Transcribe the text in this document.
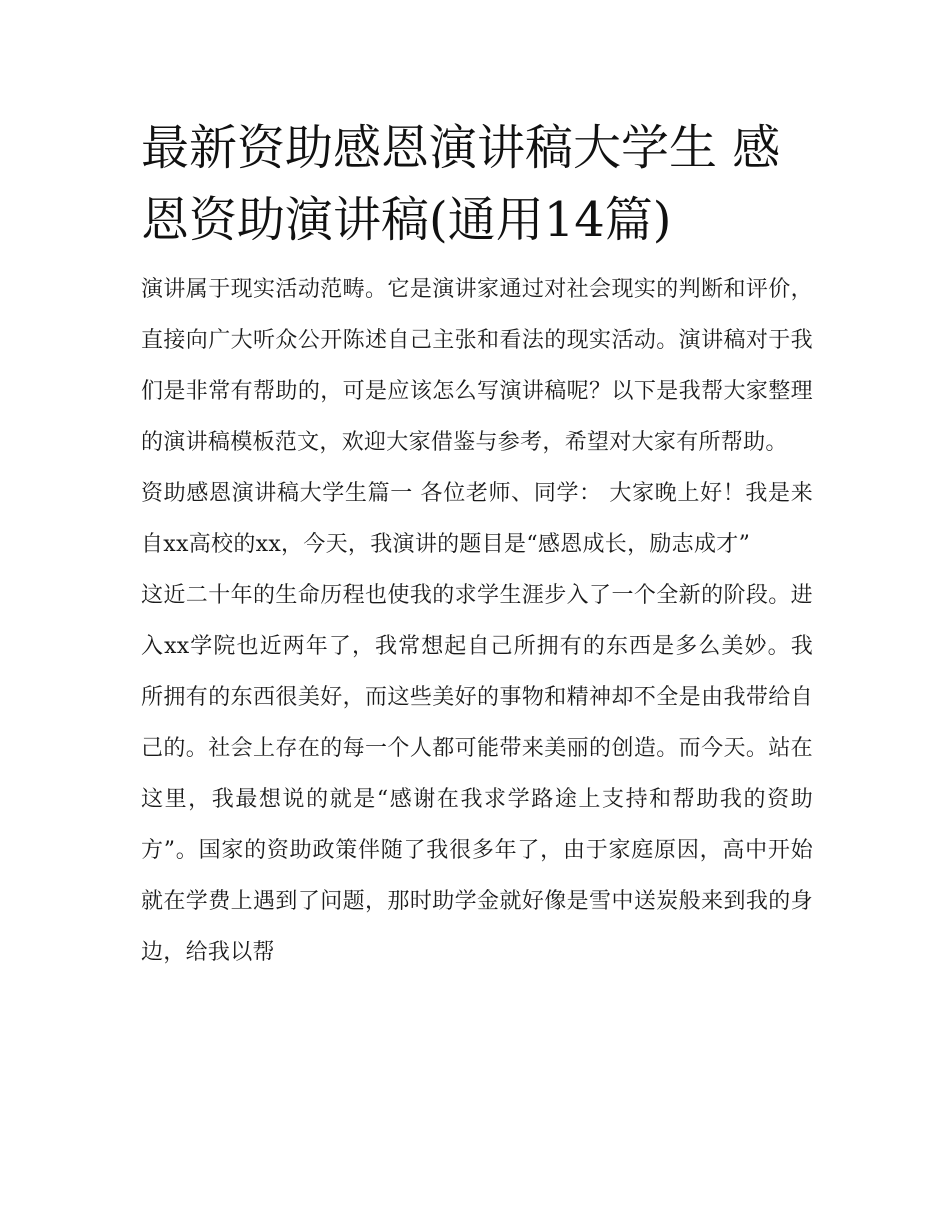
最新资助感恩演讲稿大学生 感恩资助演讲稿(通用14篇)

演讲属于现实活动范畴。它是演讲家通过对社会现实的判断和评价，直接向广大听众公开陈述自己主张和看法的现实活动。演讲稿对于我们是非常有帮助的，可是应该怎么写演讲稿呢？以下是我帮大家整理的演讲稿模板范文，欢迎大家借鉴与参考，希望对大家有所帮助。

资助感恩演讲稿大学生篇一 各位老师、同学： 大家晚上好！我是来自xx高校的xx，今天，我演讲的题目是“感恩成长，励志成才”

这近二十年的生命历程也使我的求学生涯步入了一个全新的阶段。进入xx学院也近两年了，我常想起自己所拥有的东西是多么美妙。我所拥有的东西很美好，而这些美好的事物和精神却不全是由我带给自己的。社会上存在的每一个人都可能带来美丽的创造。而今天。站在这里，我最想说的就是“感谢在我求学路途上支持和帮助我的资助方”。国家的资助政策伴随了我很多年了，由于家庭原因，高中开始就在学费上遇到了问题，那时助学金就好像是雪中送炭般来到我的身边，给我以帮
